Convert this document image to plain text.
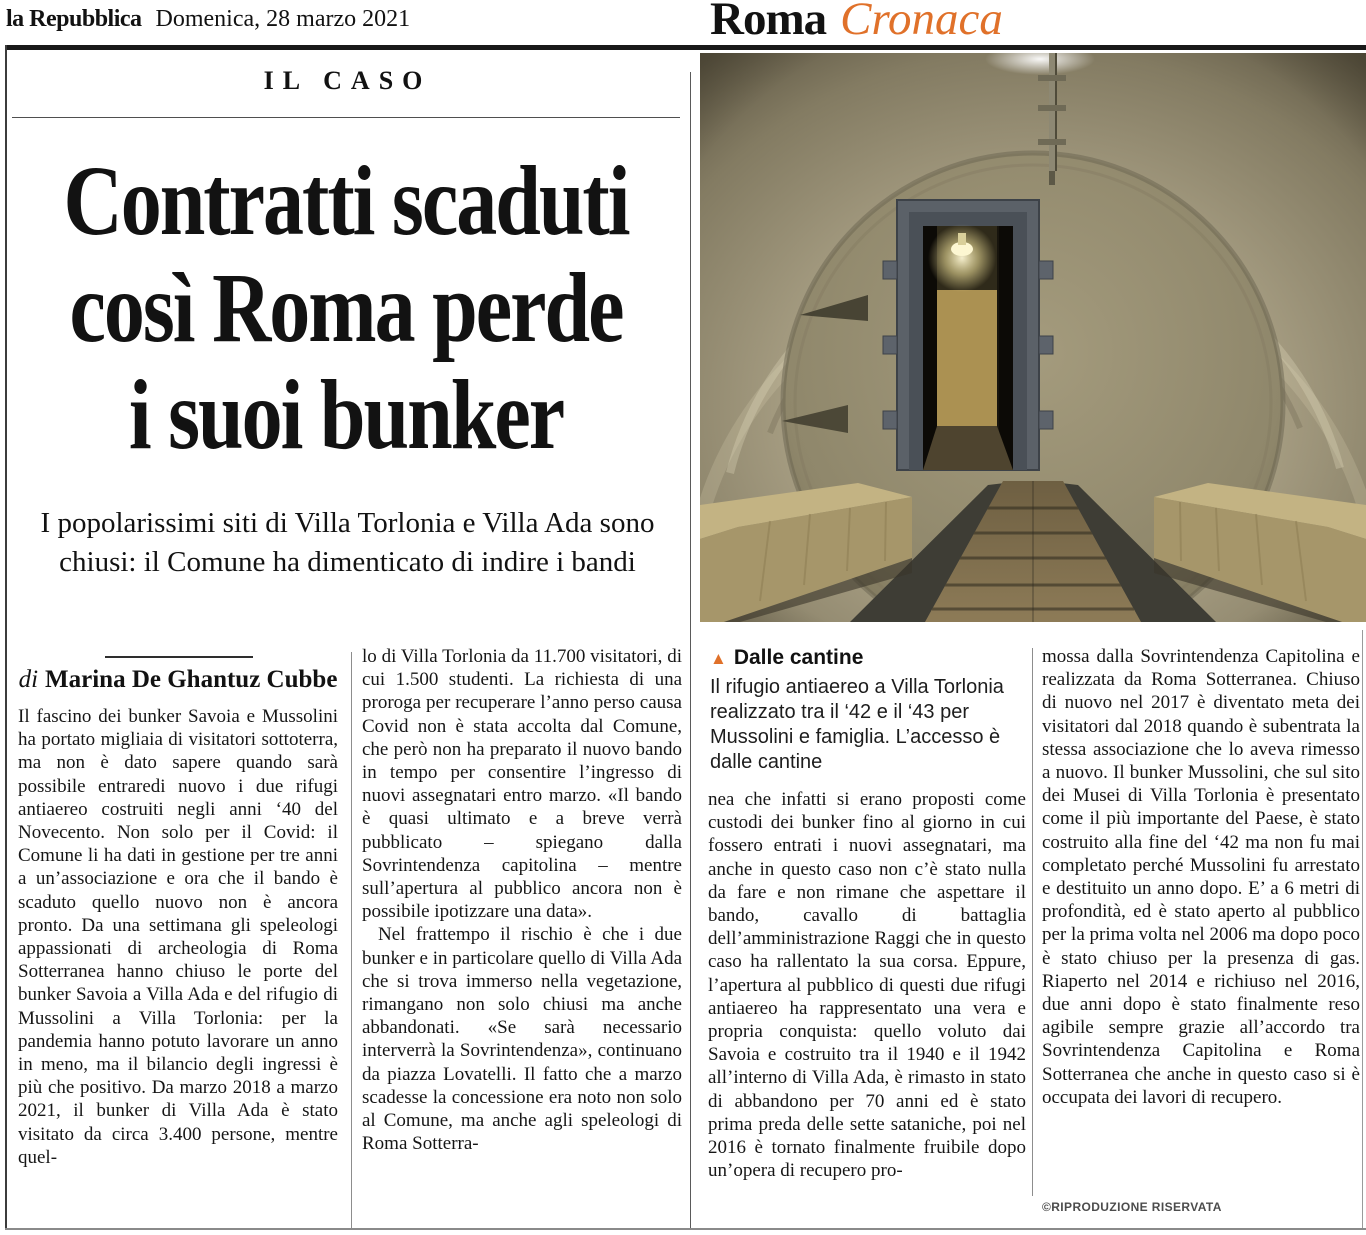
la Repubblica Domenica, 28 marzo 2021	Roma Cronaca
IL CASO
Contratti scaduti
così Roma perde
i suoi bunker
I popolarissimi siti di Villa Torlonia e Villa Ada sono chiusi: il Comune ha dimenticato di indire i bandi
di Marina De Ghantuz Cubbe
▲ Dalle cantine
Il rifugio antiaereo a Villa Torlonia realizzato tra il ‘42 e il ‘43 per Mussolini e famiglia. L’accesso è dalle cantine

Il fascino dei bunker Savoia e Mussolini ha portato migliaia di visitatori sottoterra, ma non è dato sapere quando sarà possibile entraredi nuovo i due rifugi antiaereo costruiti negli anni ‘40 del Novecento. Non solo per il Covid: il Comune li ha dati in gestione per tre anni a un’associazione e ora che il bando è scaduto quello nuovo non è ancora pronto. Da una settimana gli speleologi appassionati di archeologia di Roma Sotterranea hanno chiuso le porte del bunker Savoia a Villa Ada e del rifugio di Mussolini a Villa Torlonia: per la pandemia hanno potuto lavorare un anno in meno, ma il bilancio degli ingressi è più che positivo. Da marzo 2018 a marzo 2021, il bunker di Villa Ada è stato visitato da circa 3.400 persone, mentre quel-

lo di Villa Torlonia da 11.700 visitatori, di cui 1.500 studenti. La richiesta di una proroga per recuperare l’anno perso causa Covid non è stata accolta dal Comune, che però non ha preparato il nuovo bando in tempo per consentire l’ingresso di nuovi assegnatari entro marzo. «Il bando è quasi ultimato e a breve verrà pubblicato – spiegano dalla Sovrintendenza capitolina – mentre sull’apertura al pubblico ancora non è possibile ipotizzare una data».

Nel frattempo il rischio è che i due bunker e in particolare quello di Villa Ada che si trova immerso nella vegetazione, rimangano non solo chiusi ma anche abbandonati. «Se sarà necessario interverrà la Sovrintendenza», continuano da piazza Lovatelli. Il fatto che a marzo scadesse la concessione era noto non solo al Comune, ma anche agli speleologi di Roma Sotterra-

nea che infatti si erano proposti come custodi dei bunker fino al giorno in cui fossero entrati i nuovi assegnatari, ma anche in questo caso non c’è stato nulla da fare e non rimane che aspettare il bando, cavallo di battaglia dell’amministrazione Raggi che in questo caso ha rallentato la sua corsa. Eppure, l’apertura al pubblico di questi due rifugi antiaereo ha rappresentato una vera e propria conquista: quello voluto dai Savoia e costruito tra il 1940 e il 1942 all’interno di Villa Ada, è rimasto in stato di abbandono per 70 anni ed è stato prima preda delle sette sataniche, poi nel 2016 è tornato finalmente fruibile dopo un’opera di recupero pro-

mossa dalla Sovrintendenza Capitolina e realizzata da Roma Sotterranea. Chiuso di nuovo nel 2017 è diventato meta dei visitatori dal 2018 quando è subentrata la stessa associazione che lo aveva rimesso a nuovo. Il bunker Mussolini, che sul sito dei Musei di Villa Torlonia è presentato come il più importante del Paese, è stato costruito alla fine del ‘42 ma non fu mai completato perché Mussolini fu arrestato e destituito un anno dopo. E’ a 6 metri di profondità, ed è stato aperto al pubblico per la prima volta nel 2006 ma dopo poco è stato chiuso per la presenza di gas. Riaperto nel 2014 e richiuso nel 2016, due anni dopo è stato finalmente reso agibile sempre grazie all’accordo tra Sovrintendenza Capitolina e Roma Sotterranea che anche in questo caso si è occupata dei lavori di recupero.

©RIPRODUZIONE RISERVATA
